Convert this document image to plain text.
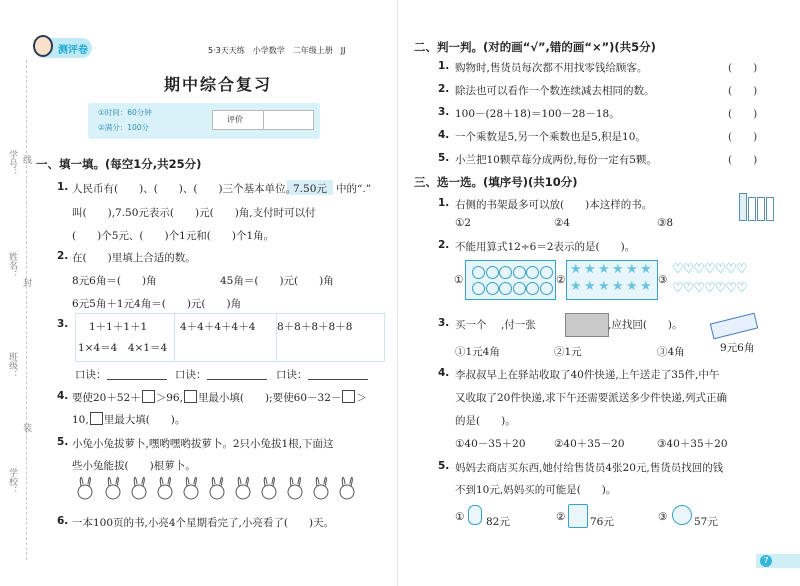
学号：
姓名：
班级：
学校：
线
封
装
测评卷	5·3天天练　小学数学　二年级上册　JJ
期中综合复习
①时间：60分钟
②满分：100分
评价
一、填一填。(每空1分,共25分)
1. 人民币有(　　)、(　　)、(　　)三个基本单位。
7.50元 中的“.”
叫(　　),7.50元表示(　　)元(　　)角,支付时可以付
(　　)个5元、(　　)个1元和(　　)个1角。
2. 在(　　)里填上合适的数。
8元6角＝(　　)角	45角＝(　　)元(　　)角
6元5角＋1元4角＝(　　)元(　　)角
3. 1＋1＋1＋1	4＋4＋4＋4＋4 8＋8＋8＋8＋8
1×4＝4　4×1＝4
口诀：	口诀：	口诀：
4. 要使20＋52＋ ＞96, 里最小填(　　);要使60－32－ ＞
10, 里最大填(　　)。
5. 小兔小兔拔萝卜,嘿哟嘿哟拔萝卜。2只小兔拔1根,下面这
些小兔能拔(　　)根萝卜。
6. 一本100页的书,小亮4个星期看完了,小亮看了(　　)天。
二、判一判。(对的画“√”,错的画“×”)(共5分)
1. 购物时,售货员每次都不用找零钱给顾客。	(　　)
2. 除法也可以看作一个数连续减去相同的数。	(　　)
3. 100－(28＋18)＝100－28－18。	(　　)
4. 一个乘数是5,另一个乘数也是5,积是10。	(　　)
5. 小兰把10颗草莓分成两份,每份一定有5颗。	(　　)
三、选一选。(填序号)(共10分)
1. 右侧的书架最多可以放(　　)本这样的书。
①2	②4	③8
2. 不能用算式12÷6＝2表示的是(　　)。
①	②
★ ★ ★ ★ ★ ★
★ ★ ★ ★ ★ ★ ③
♡♡♡♡♡♡♡
♡♡♡♡♡♡♡
3. 买一个 ,付一张	,应找回(　　)。
9元6角
①1元4角	②1元	③4角
4. 李叔叔早上在驿站收取了40件快递,上午送走了35件,中午
又收取了20件快递,求下午还需要派送多少件快递,列式正确
的是(　　)。
①40－35＋20	②40＋35－20	③40＋35＋20
5. 妈妈去商店买东西,她付给售货员4张20元,售货员找回的钱
不到10元,妈妈买的可能是(　　)。
① 82元	② 76元	③	57元
7
